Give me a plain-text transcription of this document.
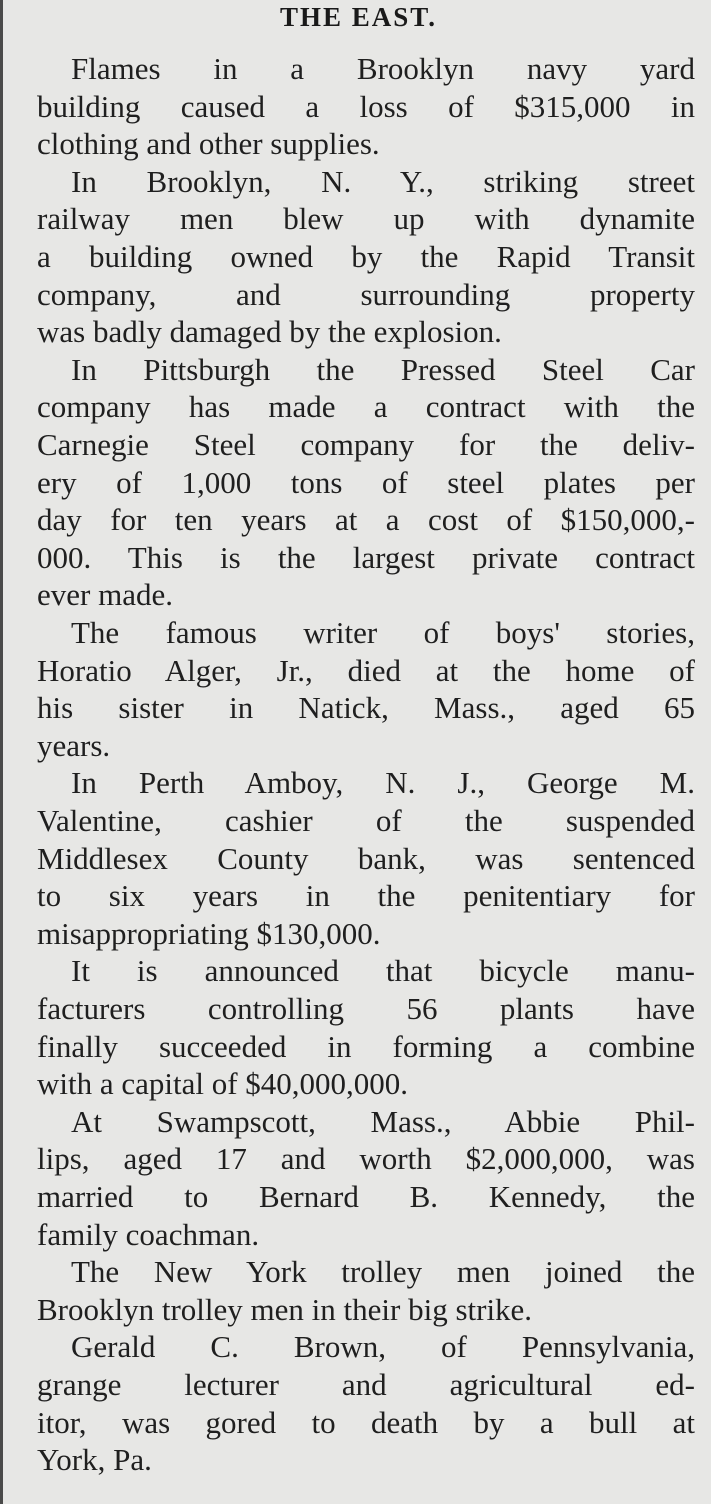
THE EAST.
Flames in a Brooklyn navy yard
building caused a loss of $315,000 in
clothing and other supplies.
In Brooklyn, N. Y., striking street
railway men blew up with dynamite
a building owned by the Rapid Transit
company, and surrounding property
was badly damaged by the explosion.
In Pittsburgh the Pressed Steel Car
company has made a contract with the
Carnegie Steel company for the deliv-
ery of 1,000 tons of steel plates per
day for ten years at a cost of $150,000,-
000. This is the largest private contract
ever made.
The famous writer of boys' stories,
Horatio Alger, Jr., died at the home of
his sister in Natick, Mass., aged 65
years.
In Perth Amboy, N. J., George M.
Valentine, cashier of the suspended
Middlesex County bank, was sentenced
to six years in the penitentiary for
misappropriating $130,000.
It is announced that bicycle manu-
facturers controlling 56 plants have
finally succeeded in forming a combine
with a capital of $40,000,000.
At Swampscott, Mass., Abbie Phil-
lips, aged 17 and worth $2,000,000, was
married to Bernard B. Kennedy, the
family coachman.
The New York trolley men joined the
Brooklyn trolley men in their big strike.
Gerald C. Brown, of Pennsylvania,
grange lecturer and agricultural ed-
itor, was gored to death by a bull at
York, Pa.
